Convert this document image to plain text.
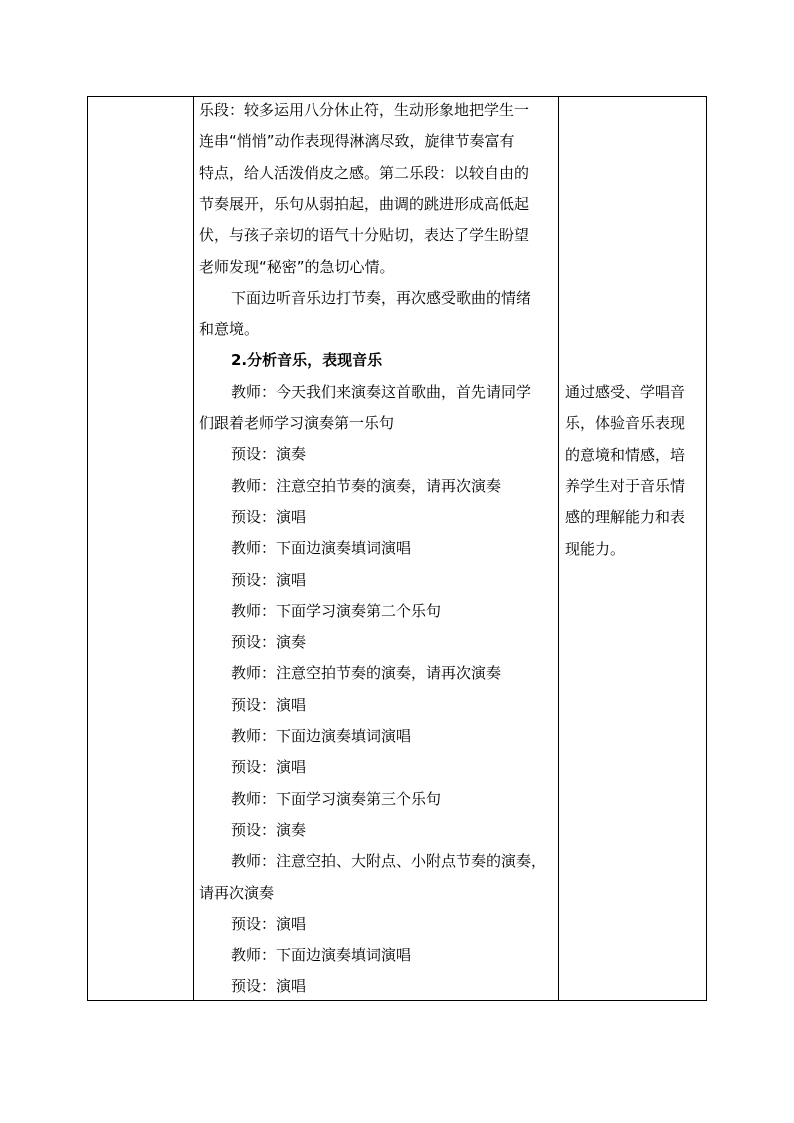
乐段：较多运用八分休止符，生动形象地把学生一
连串“悄悄”动作表现得淋漓尽致，旋律节奏富有
特点，给人活泼俏皮之感。第二乐段：以较自由的
节奏展开，乐句从弱拍起，曲调的跳进形成高低起
伏，与孩子亲切的语气十分贴切，表达了学生盼望
老师发现“秘密”的急切心情。
下面边听音乐边打节奏，再次感受歌曲的情绪
和意境。
2.分析音乐，表现音乐
教师：今天我们来演奏这首歌曲，首先请同学
们跟着老师学习演奏第一乐句
预设：演奏
教师：注意空拍节奏的演奏，请再次演奏
预设：演唱
教师：下面边演奏填词演唱
预设：演唱
教师：下面学习演奏第二个乐句
预设：演奏
教师：注意空拍节奏的演奏，请再次演奏
预设：演唱
教师：下面边演奏填词演唱
预设：演唱
教师：下面学习演奏第三个乐句
预设：演奏
教师：注意空拍、大附点、小附点节奏的演奏，
请再次演奏
预设：演唱
教师：下面边演奏填词演唱
预设：演唱
通过感受、学唱音
乐，体验音乐表现
的意境和情感，培
养学生对于音乐情
感的理解能力和表
现能力。
